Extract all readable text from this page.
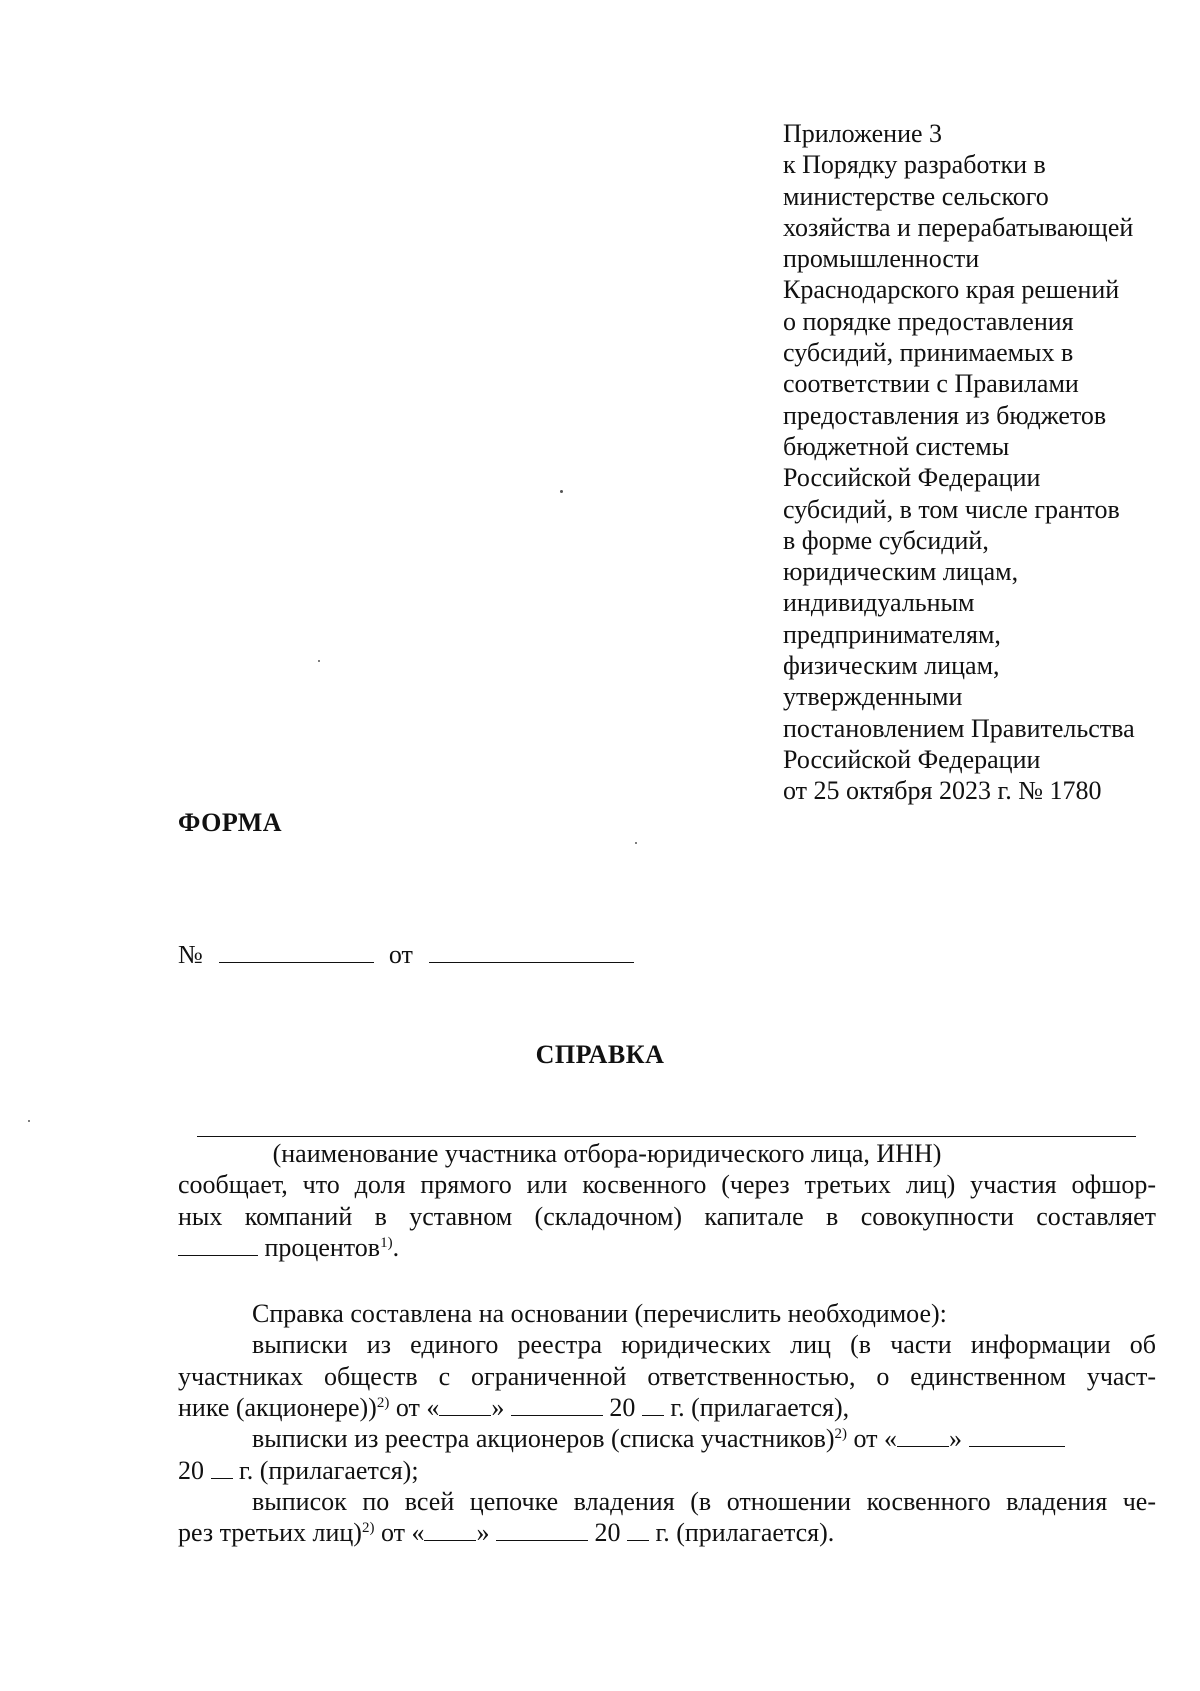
Приложение 3
к Порядку разработки в
министерстве сельского
хозяйства и перерабатывающей
промышленности
Краснодарского края решений
о порядке предоставления
субсидий, принимаемых в
соответствии с Правилами
предоставления из бюджетов
бюджетной системы
Российской Федерации
субсидий, в том числе грантов
в форме субсидий,
юридическим лицам,
индивидуальным
предпринимателям,
физическим лицам,
утвержденными
постановлением Правительства
Российской Федерации
от 25 октября 2023 г. № 1780
ФОРМА
№	от
СПРАВКА
(наименование участника отбора-юридического лица, ИНН)
сообщает, что доля прямого или косвенного (через третьих лиц) участия офшор-
ных компаний в уставном (складочном) капитале в совокупности составляет
процентов$^{1)}$.
Справка составлена на основании (перечислить необходимое):
выписки из единого реестра юридических лиц (в части информации об
участниках обществ с ограниченной ответственностью, о единственном участ-
нике (акционере))$^{2)}$ от « »	20 г. (прилагается),
выписки из реестра акционеров (списка участников)$^{2)}$ от « »
20 г. (прилагается);
выписок по всей цепочке владения (в отношении косвенного владения че-
рез третьих лиц)$^{2)}$ от « »	20 г. (прилагается).
